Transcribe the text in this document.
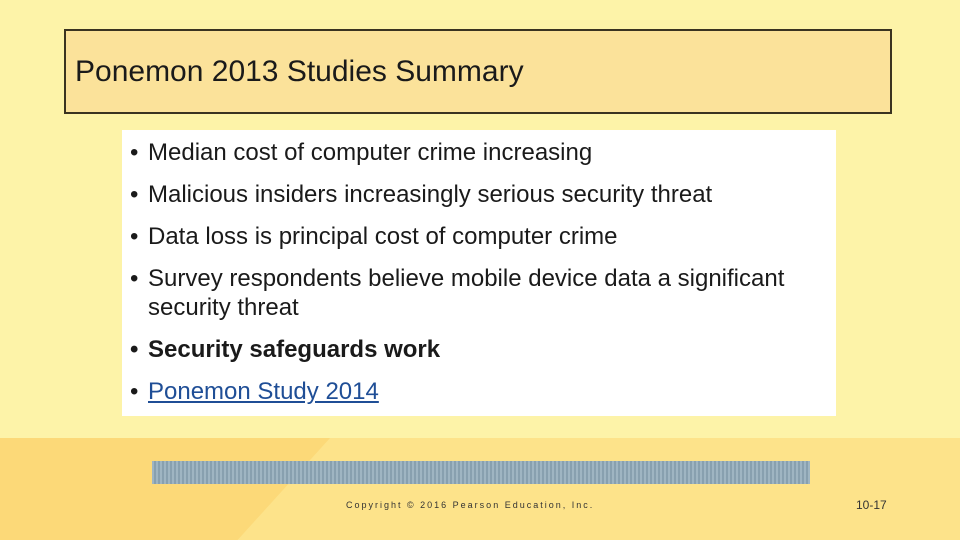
Ponemon 2013 Studies Summary
• Median cost of computer crime increasing
• Malicious insiders increasingly serious security threat
• Data loss is principal cost of computer crime
• Survey respondents believe mobile device data a significant security threat
• Security safeguards work
• Ponemon Study 2014
Copyright © 2016 Pearson Education, Inc.	10-17
